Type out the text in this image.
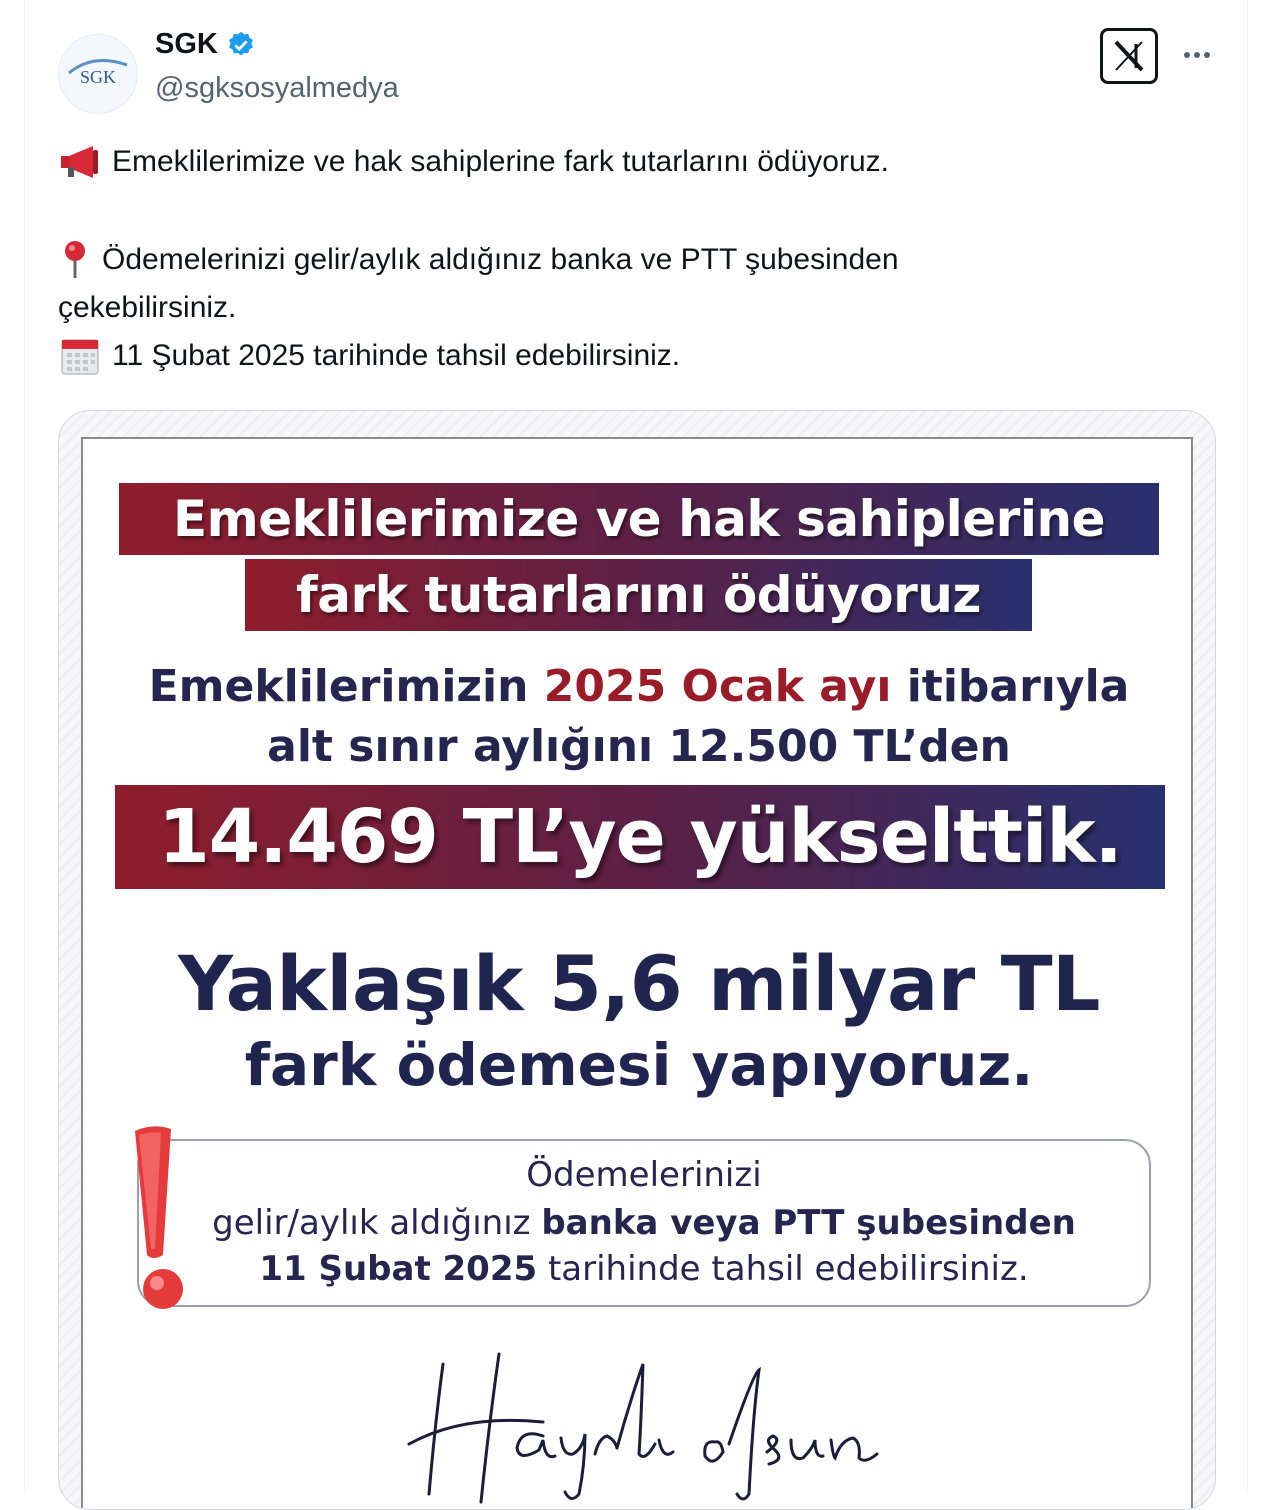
SGK
SGK
@sgksosyalmedya
Emeklilerimize ve hak sahiplerine fark tutarlarını ödüyoruz.
Ödemelerinizi gelir/aylık aldığınız banka ve PTT şubesinden
çekebilirsiniz.
11 Şubat 2025 tarihinde tahsil edebilirsiniz.
Emeklilerimize ve hak sahiplerine
fark tutarlarını ödüyoruz
Emeklilerimizin 2025 Ocak ayı itibarıyla
alt sınır aylığını 12.500 TL’den
14.469 TL’ye yükselttik.
Yaklaşık 5,6 milyar TL
fark ödemesi yapıyoruz.
Ödemelerinizi
gelir/aylık aldığınız banka veya PTT şubesinden
11 Şubat 2025 tarihinde tahsil edebilirsiniz.
